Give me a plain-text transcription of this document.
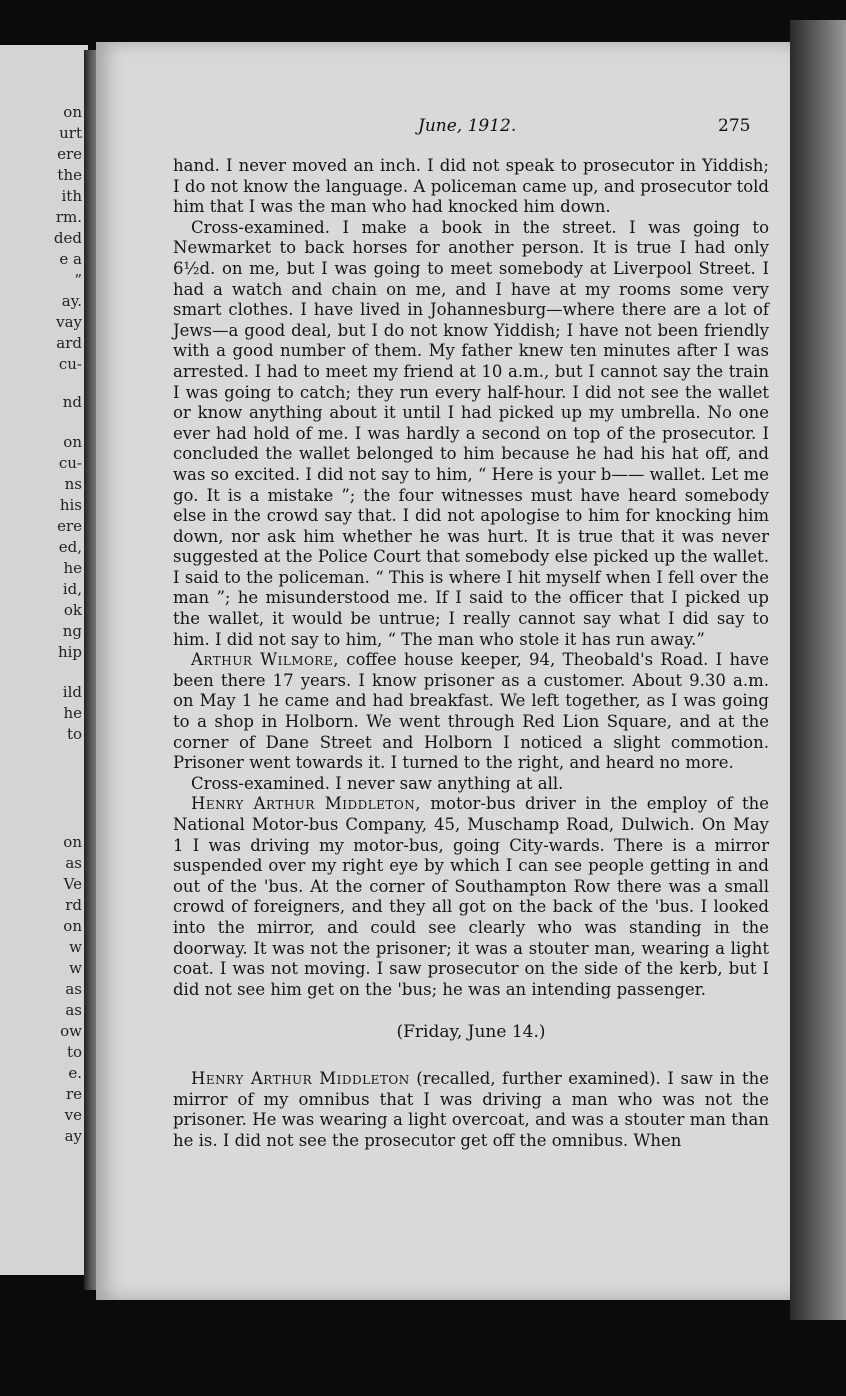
on
urt
ere
the
ith
rm.
ded
e a
”
ay.
vay
ard
cu-
nd
on
cu-
ns
his
ere
ed,
he
id,
ok
ng
hip
ild
he
to
on
as
Ve
rd
on
w
w
as
as
ow
to
e.
re
ve
ay
June, 1912.	275

hand. I never moved an inch. I did not speak to prosecutor in Yiddish; I do not know the language. A policeman came up, and prosecutor told him that I was the man who had knocked him down.

Cross-examined. I make a book in the street. I was going to Newmarket to back horses for another person. It is true I had only 6½d. on me, but I was going to meet somebody at Liverpool Street. I had a watch and chain on me, and I have at my rooms some very smart clothes. I have lived in Johannesburg—where there are a lot of Jews—a good deal, but I do not know Yiddish; I have not been friendly with a good number of them. My father knew ten minutes after I was arrested. I had to meet my friend at 10 a.m., but I cannot say the train I was going to catch; they run every half-hour. I did not see the wallet or know anything about it until I had picked up my umbrella. No one ever had hold of me. I was hardly a second on top of the prosecutor. I concluded the wallet belonged to him because he had his hat off, and was so excited. I did not say to him, “ Here is your b—— wallet. Let me go. It is a mistake ”; the four witnesses must have heard somebody else in the crowd say that. I did not apologise to him for knocking him down, nor ask him whether he was hurt. It is true that it was never suggested at the Police Court that somebody else picked up the wallet. I said to the policeman. “ This is where I hit myself when I fell over the man ”; he misunderstood me. If I said to the officer that I picked up the wallet, it would be untrue; I really cannot say what I did say to him. I did not say to him, “ The man who stole it has run away.”

Arthur Wilmore, coffee house keeper, 94, Theobald's Road. I have been there 17 years. I know prisoner as a customer. About 9.30 a.m. on May 1 he came and had breakfast. We left together, as I was going to a shop in Holborn. We went through Red Lion Square, and at the corner of Dane Street and Holborn I noticed a slight commotion. Prisoner went towards it. I turned to the right, and heard no more.

Cross-examined. I never saw anything at all.

Henry Arthur Middleton, motor-bus driver in the employ of the National Motor-bus Company, 45, Muschamp Road, Dulwich. On May 1 I was driving my motor-bus, going City-wards. There is a mirror suspended over my right eye by which I can see people getting in and out of the 'bus. At the corner of Southampton Row there was a small crowd of foreigners, and they all got on the back of the 'bus. I looked into the mirror, and could see clearly who was standing in the doorway. It was not the prisoner; it was a stouter man, wearing a light coat. I was not moving. I saw prosecutor on the side of the kerb, but I did not see him get on the 'bus; he was an intending passenger.

(Friday, June 14.)

Henry Arthur Middleton (recalled, further examined). I saw in the mirror of my omnibus that I was driving a man who was not the prisoner. He was wearing a light overcoat, and was a stouter man than he is. I did not see the prosecutor get off the omnibus. When
